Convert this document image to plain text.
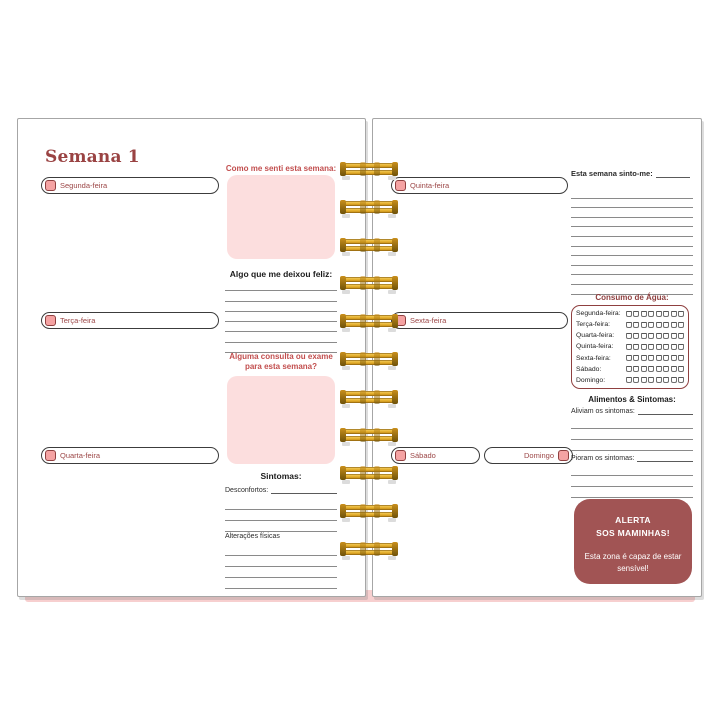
Semana 1
Segunda-feira
Terça-feira
Quarta-feira
Como me senti esta semana:
Algo que me deixou feliz:
Alguma consulta ou exame para esta semana?
Sintomas:
Desconfortos:
Alterações físicas
Quinta-feira
Sexta-feira
Sábado	Domingo
Esta semana sinto-me:
Consumo de Água:
Segunda-feira:
Terça-feira:
Quarta-feira:
Quinta-feira:
Sexta-feira:
Sábado:
Domingo:
Alimentos & Sintomas:
Aliviam os sintomas:
Pioram os sintomas:
ALERTA
SOS MAMINHAS!
Esta zona é capaz de estar sensível!
